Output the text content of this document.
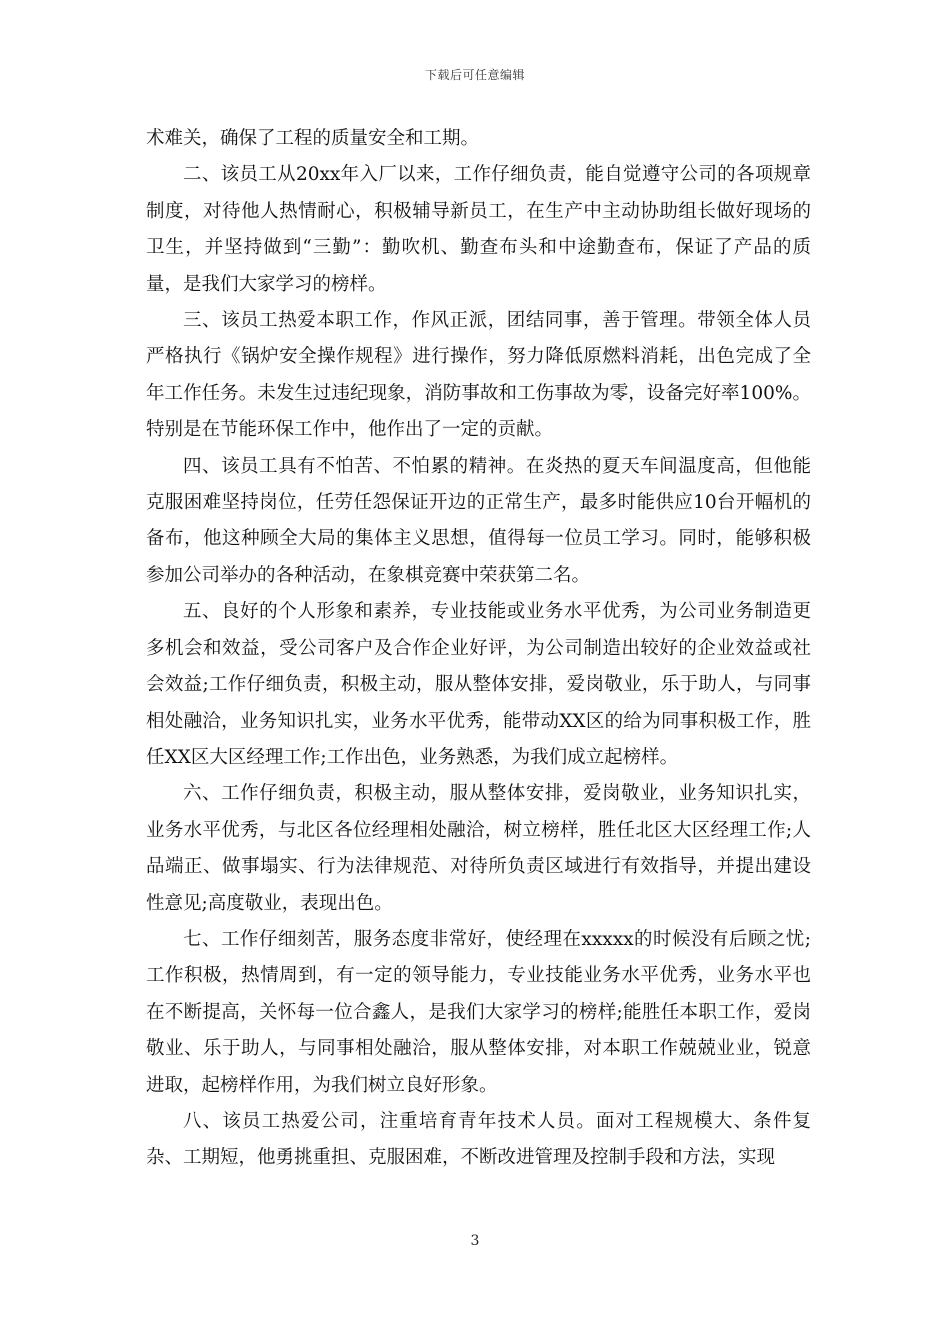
下载后可任意编辑

术难关，确保了工程的质量安全和工期。

二、该员工从20xx年入厂以来，工作仔细负责，能自觉遵守公司的各项规章制度，对待他人热情耐心，积极辅导新员工，在生产中主动协助组长做好现场的卫生，并坚持做到“三勤”：勤吹机、勤查布头和中途勤查布，保证了产品的质量，是我们大家学习的榜样。

三、该员工热爱本职工作，作风正派，团结同事，善于管理。带领全体人员严格执行《锅炉安全操作规程》进行操作，努力降低原燃料消耗，出色完成了全年工作任务。未发生过违纪现象，消防事故和工伤事故为零，设备完好率100%。特别是在节能环保工作中，他作出了一定的贡献。

四、该员工具有不怕苦、不怕累的精神。在炎热的夏天车间温度高，但他能克服困难坚持岗位，任劳任怨保证开边的正常生产，最多时能供应10台开幅机的备布，他这种顾全大局的集体主义思想，值得每一位员工学习。同时，能够积极参加公司举办的各种活动，在象棋竞赛中荣获第二名。

五、良好的个人形象和素养，专业技能或业务水平优秀，为公司业务制造更多机会和效益，受公司客户及合作企业好评，为公司制造出较好的企业效益或社会效益;工作仔细负责，积极主动，服从整体安排，爱岗敬业，乐于助人，与同事相处融洽，业务知识扎实，业务水平优秀，能带动XX区的给为同事积极工作，胜任XX区大区经理工作;工作出色，业务熟悉，为我们成立起榜样。

六、工作仔细负责，积极主动，服从整体安排，爱岗敬业，业务知识扎实，业务水平优秀，与北区各位经理相处融洽，树立榜样，胜任北区大区经理工作;人品端正、做事塌实、行为法律规范、对待所负责区域进行有效指导，并提出建设性意见;高度敬业，表现出色。

七、工作仔细刻苦，服务态度非常好，使经理在xxxxx的时候没有后顾之忧;工作积极，热情周到，有一定的领导能力，专业技能业务水平优秀，业务水平也在不断提高，关怀每一位合鑫人，是我们大家学习的榜样;能胜任本职工作，爱岗敬业、乐于助人，与同事相处融洽，服从整体安排，对本职工作兢兢业业，锐意进取，起榜样作用，为我们树立良好形象。

八、该员工热爱公司，注重培育青年技术人员。面对工程规模大、条件复杂、工期短，他勇挑重担、克服困难，不断改进管理及控制手段和方法，实现

3
